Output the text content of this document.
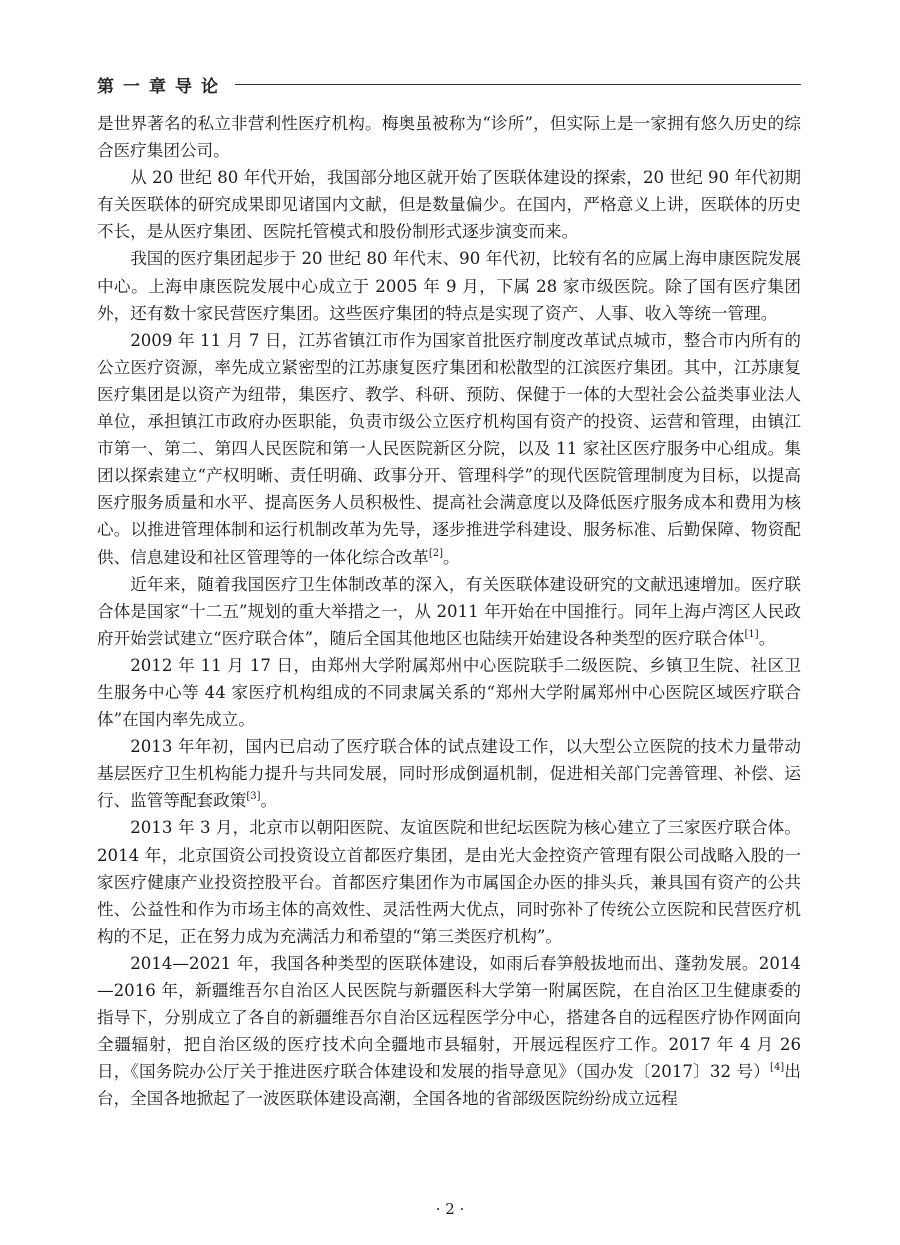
第一章导论

是世界著名的私立非营利性医疗机构。梅奥虽被称为“诊所”，但实际上是一家拥有悠久历史的综合医疗集团公司。

从 20 世纪 80 年代开始，我国部分地区就开始了医联体建设的探索，20 世纪 90 年代初期有关医联体的研究成果即见诸国内文献，但是数量偏少。在国内，严格意义上讲，医联体的历史不长，是从医疗集团、医院托管模式和股份制形式逐步演变而来。

我国的医疗集团起步于 20 世纪 80 年代末、90 年代初，比较有名的应属上海申康医院发展中心。上海申康医院发展中心成立于 2005 年 9 月，下属 28 家市级医院。除了国有医疗集团外，还有数十家民营医疗集团。这些医疗集团的特点是实现了资产、人事、收入等统一管理。

2009 年 11 月 7 日，江苏省镇江市作为国家首批医疗制度改革试点城市，整合市内所有的公立医疗资源，率先成立紧密型的江苏康复医疗集团和松散型的江滨医疗集团。其中，江苏康复医疗集团是以资产为纽带，集医疗、教学、科研、预防、保健于一体的大型社会公益类事业法人单位，承担镇江市政府办医职能，负责市级公立医疗机构国有资产的投资、运营和管理，由镇江市第一、第二、第四人民医院和第一人民医院新区分院，以及 11 家社区医疗服务中心组成。集团以探索建立“产权明晰、责任明确、政事分开、管理科学”的现代医院管理制度为目标，以提高医疗服务质量和水平、提高医务人员积极性、提高社会满意度以及降低医疗服务成本和费用为核心。以推进管理体制和运行机制改革为先导，逐步推进学科建设、服务标准、后勤保障、物资配供、信息建设和社区管理等的一体化综合改革[2]。

近年来，随着我国医疗卫生体制改革的深入，有关医联体建设研究的文献迅速增加。医疗联合体是国家“十二五”规划的重大举措之一，从 2011 年开始在中国推行。同年上海卢湾区人民政府开始尝试建立“医疗联合体”，随后全国其他地区也陆续开始建设各种类型的医疗联合体[1]。

2012 年 11 月 17 日，由郑州大学附属郑州中心医院联手二级医院、乡镇卫生院、社区卫生服务中心等 44 家医疗机构组成的不同隶属关系的“郑州大学附属郑州中心医院区域医疗联合体”在国内率先成立。

2013 年年初，国内已启动了医疗联合体的试点建设工作，以大型公立医院的技术力量带动基层医疗卫生机构能力提升与共同发展，同时形成倒逼机制，促进相关部门完善管理、补偿、运行、监管等配套政策[3]。

2013 年 3 月，北京市以朝阳医院、友谊医院和世纪坛医院为核心建立了三家医疗联合体。2014 年，北京国资公司投资设立首都医疗集团，是由光大金控资产管理有限公司战略入股的一家医疗健康产业投资控股平台。首都医疗集团作为市属国企办医的排头兵，兼具国有资产的公共性、公益性和作为市场主体的高效性、灵活性两大优点，同时弥补了传统公立医院和民营医疗机构的不足，正在努力成为充满活力和希望的“第三类医疗机构”。

2014—2021 年，我国各种类型的医联体建设，如雨后春笋般拔地而出、蓬勃发展。2014—2016 年，新疆维吾尔自治区人民医院与新疆医科大学第一附属医院，在自治区卫生健康委的指导下，分别成立了各自的新疆维吾尔自治区远程医学分中心，搭建各自的远程医疗协作网面向全疆辐射，把自治区级的医疗技术向全疆地市县辐射，开展远程医疗工作。2017 年 4 月 26 日，《国务院办公厅关于推进医疗联合体建设和发展的指导意见》（国办发〔2017〕32 号）[4]出台，全国各地掀起了一波医联体建设高潮，全国各地的省部级医院纷纷成立远程

· 2 ·
